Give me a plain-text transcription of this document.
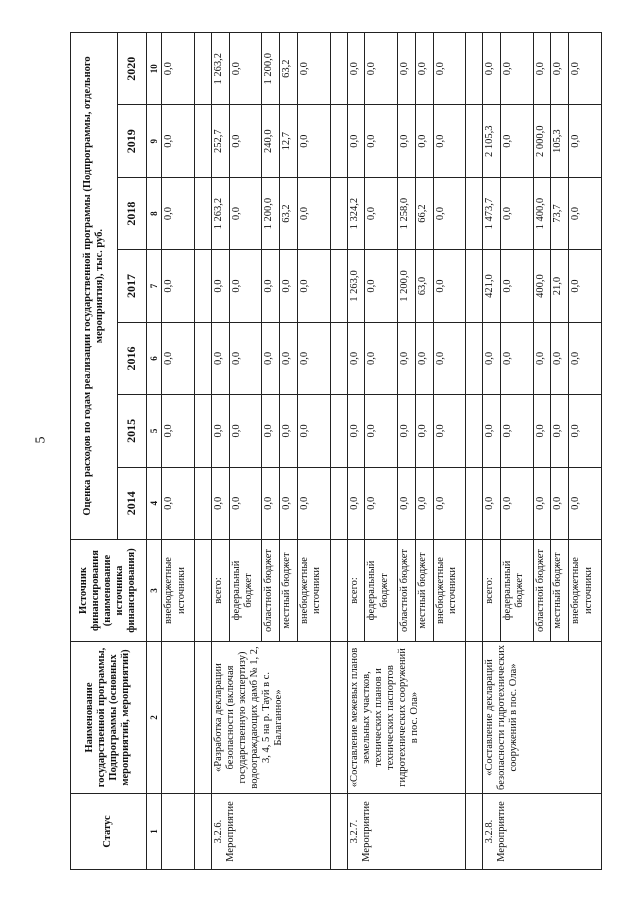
5
Статус	Наименование государственной программы, Подпрограммы (основных мероприятий, мероприятий)	Источник финансирования (наименование источника финансирования)	Оценка расходов по годам реализации государственной программы (Подпрограммы, отдельного мероприятия), тыс. руб.						
			2014	2015	2016	2017	2018	2019	2020
1	2	3	4	5	6	7	8	9	10
		внебюджетные источники	0,0	0,0	0,0	0,0	0,0	0,0	0,0

3.2.6. Мероприятие	«Разработка декларации безопасности (включая государственную экспертизу) водоограждающих дамб № 1, 2, 3, 4, 5 на р. Тауй в с. Балаганное»	всего:	0,0	0,0	0,0	0,0	1 263,2	252,7	1 263,2
		федеральный бюджет	0,0	0,0	0,0	0,0	0,0	0,0	0,0
		областной бюджет	0,0	0,0	0,0	0,0	1 200,0	240,0	1 200,0
		местный бюджет	0,0	0,0	0,0	0,0	63,2	12,7	63,2
		внебюджетные источники	0,0	0,0	0,0	0,0	0,0	0,0	0,0

3.2.7. Мероприятие	«Составление межевых планов земельных участков, технических планов и технических паспортов гидротехнических сооружений в пос. Ола»	всего:	0,0	0,0	0,0	1 263,0	1 324,2	0,0	0,0
		федеральный бюджет	0,0	0,0	0,0	0,0	0,0	0,0	0,0
		областной бюджет	0,0	0,0	0,0	1 200,0	1 258,0	0,0	0,0
		местный бюджет	0,0	0,0	0,0	63,0	66,2	0,0	0,0
		внебюджетные источники	0,0	0,0	0,0	0,0	0,0	0,0	0,0

3.2.8. Мероприятие	«Составление деклараций безопасности гидротехнических сооружений в пос. Ола»	всего:	0,0	0,0	0,0	421,0	1 473,7	2 105,3	0,0
		федеральный бюджет	0,0	0,0	0,0	0,0	0,0	0,0	0,0
		областной бюджет	0,0	0,0	0,0	400,0	1 400,0	2 000,0	0,0
		местный бюджет	0,0	0,0	0,0	21,0	73,7	105,3	0,0
		внебюджетные источники	0,0	0,0	0,0	0,0	0,0	0,0	0,0
